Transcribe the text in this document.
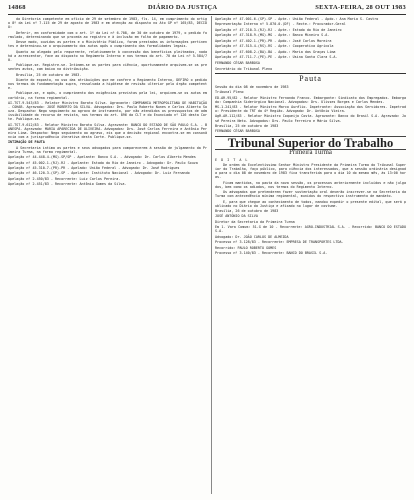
14868	DIÁRIO DA JUSTIÇA	SEXTA-FEIRA, 28 OUT 1983

da Diretoria competente em ofício de 29 de setembro de 1983, fls. 14, em cumprimento do artigo 8º da Lei nº 7.115 de 29 de agosto de 1983 e em atenção ao disposto no Ato GP nº 165/83, DECIDO:

Deferir, em conformidade com o art. 1º da Lei nº 6.708, de 30 de outubro de 1979, o pedido formulado, determinando que se proceda ao registro e à inclusão em folha de pagamento.

Desse modo, ouvidas as partes e o Ministério Público, foram prestadas as informações pertinentes e determinou-se o arquivamento dos autos após o cumprimento das formalidades legais.

Quanto ao alegado pelo requerente, relativamente à concessão dos benefícios pleiteados, nada há a acrescentar, face ao disposto no Regimento Interno e nos termos do art. 70 da Lei nº 5.584/70.

Publique-se. Registre-se. Intimem-se as partes para ciência, oportunamente arquivem-se os presentes autos, com baixa na distribuição.

Brasília, 25 de outubro de 1983.

Diante do exposto, no uso das atribuições que me confere o Regimento Interno, DEFIRO o pedido nos termos da fundamentação supra, ressalvada a hipótese de revisão ulterior pelo órgão competente.

Publique-se, e após, o cumprimento das exigências previstas pela lei, arquivem-se os autos em cartório, na forma regimental.

AI-TST-9.543/83 - Relator Ministro Barata Silva. Agravante: COMPANHIA METROPOLITANA DE HABITAÇÃO - COHAB. Agravado: JOSÉ ROBERTO DA SILVA. Advogados: Drs. Paulo Roberto Nunes e Carlos Alberto Souza. Despacho: Nego seguimento ao agravo de instrumento, por não atendidos os pressupostos de admissibilidade do recurso de revista, nos termos do art. 896 da CLT e do Enunciado nº 126 desta Corte. Publique-se.

AI-TST-9.612/83 - Relator Ministro Barata Silva. Agravante: BANCO DO ESTADO DE SÃO PAULO S.A. - BANESPA. Agravada: MARIA APARECIDA DE OLIVEIRA. Advogados: Drs. José Carlos Ferreira e Antônio Pereira Lima. Despacho: Nego seguimento ao agravo, eis que a decisão regional encontra-se em consonância com a jurisprudência iterativa desta Corte. Publique-se.

INTIMAÇÃO DE PAUTA

A Secretaria intima as partes e seus advogados para comparecerem à sessão de julgamento da Primeira Turma, na forma regimental.

Apelação nº 44.448-4-(MG)-SP/SP - Apelante: Banco S.A. - Advogado: Dr. Carlos Alberto Mendes

Apelação nº 45.002-1-(RJ)-RJ - Apelante: Estado do Rio de Janeiro - Advogado: Dr. Paulo Souza

Apelação nº 45.310-7-(PR)-PR - Apelado: União Federal - Advogado: Dr. José Rodrigues

Apelação nº 46.120-3-(SP)-SP - Apelante: Instituto Nacional - Advogado: Dr. Luiz Fernando

Apelação nº 2.450/83 - Recorrente: Luiz Carlos Pereira.

Apelação nº 2.451/83 - Recorrente: Antônio Gomes da Silva.

Apelação nº 47.001-6-(SP)-SP - Apte.: União Federal - Apdo.: Ana Maria S. Castro

Representação Interna nº 5.870-0-(DF) - Recte.: Procurador-Geral

Apelação nº 47.210-3-(RJ)-RJ - Apte.: Estado do Rio de Janeiro

Apelação nº 47.318-9-(MG)-MG - Apte.: Banco Mineiro S.A.

Apelação nº 47.402-1-(PR)-PR - Apdo.: José Carlos Moreira

Apelação nº 47.515-4-(RS)-RS - Apte.: Cooperativa Agrícola

Apelação nº 47.608-2-(BA)-BA - Apdo.: Maria das Graças Lima

Apelação nº 47.711-7-(PE)-PE - Apte.: Usina Santa Clara S.A.

FERNANDO CÉSAR BARBOSA

Secretário do Tribunal Pleno

Pauta

Sessão do dia 08 de novembro de 1983

Tribunal Pleno

ED-AR-95/82 - Relator Ministro Fernando Franco. Embargante: Sindicato dos Empregados. Embargado: Companhia Siderúrgica Nacional. Advogados: Drs. Ulisses Borges e Carlos Mendes.

MS-1.241/83 - Relator Ministro Marco Aurélio. Impetrante: Associação dos Servidores. Impetrado: Presidente do TRT da 4ª Região. Advogado: Dr. Antônio Vieira.

AgR-AR-112/83 - Relator Ministro Coqueijo Costa. Agravante: Banco do Brasil S.A. Agravado: José Pereira Neto. Advogados: Drs. Paulo Ferreira e Mário Silva.

Brasília, 25 de outubro de 1983

FERNANDO CÉSAR BARBOSA

Tribunal Superior do Trabalho
Primeira Turma

E D I T A L

De ordem do Excelentíssimo Senhor Ministro Presidente da Primeira Turma do Tribunal Superior do Trabalho, faço público, para ciência dos interessados, que a sessão ordinária designada para o dia 08 de novembro de 1983 fica transferida para o dia 10 do mesmo mês, às 13:00 horas.

Ficam mantidos, na pauta da nova sessão, os processos anteriormente incluídos e não julgados, bem como os adiados, nos termos do Regimento Interno.

Os advogados que pretenderem fazer sustentação oral deverão inscrever-se na Secretaria da Turma com antecedência mínima regimental, munidos do respectivo instrumento de mandato.

E, para que chegue ao conhecimento de todos, mandou expedir o presente edital, que será publicado no Diário da Justiça e afixado no lugar de costume.

Brasília, 26 de outubro de 1983

JOSÉ ANTÔNIO DA SILVA

Diretor da Secretaria da Primeira Turma

Em 1. Vara Comum: 51-G de 10 - Recorrente: AGRO-INDUSTRIAL S.A. - Recorrido: BANCO DO ESTADO S.A.

Advogado: Dr. JOÃO CARLOS DE ALMEIDA

Processo nº 3.128/83 - Recorrente: EMPRESA DE TRANSPORTES LTDA.

Recorrido: PAULO ROBERTO GOMES

Processo nº 3.140/83 - Recorrente: BANCO DO BRASIL S.A.
